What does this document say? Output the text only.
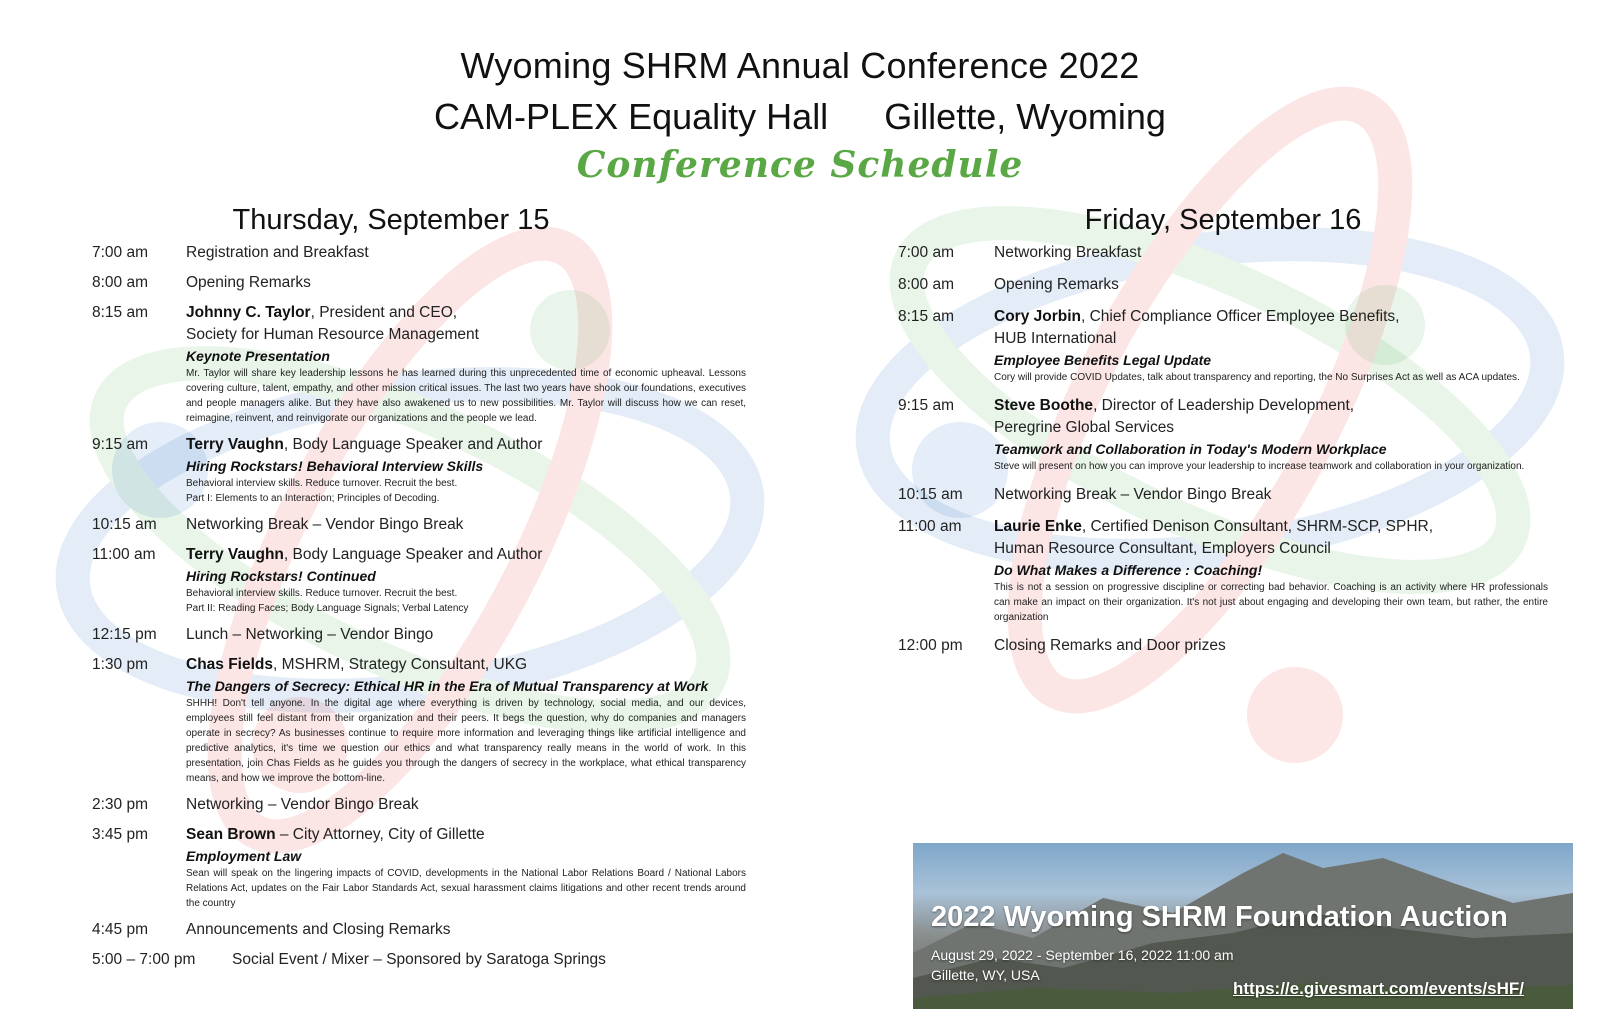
Wyoming SHRM Annual Conference 2022
CAM-PLEX Equality Hall Gillette, Wyoming
Conference Schedule
Thursday, September 15
7:00 am	Registration and Breakfast
8:00 am	Opening Remarks
8:15 am	Johnny C. Taylor, President and CEO,
Society for Human Resource Management
Keynote Presentation
Mr. Taylor will share key leadership lessons he has learned during this unprecedented time of economic upheaval. Lessons covering culture, talent, empathy, and other mission critical issues. The last two years have shook our foundations, executives and people managers alike. But they have also awakened us to new possibilities. Mr. Taylor will discuss how we can reset, reimagine, reinvent, and reinvigorate our organizations and the people we lead.
9:15 am	Terry Vaughn, Body Language Speaker and Author
Hiring Rockstars! Behavioral Interview Skills
Behavioral interview skills. Reduce turnover. Recruit the best.
Part I: Elements to an Interaction; Principles of Decoding.
10:15 am	Networking Break – Vendor Bingo Break
11:00 am	Terry Vaughn, Body Language Speaker and Author
Hiring Rockstars! Continued
Behavioral interview skills. Reduce turnover. Recruit the best.
Part II: Reading Faces; Body Language Signals; Verbal Latency
12:15 pm	Lunch – Networking – Vendor Bingo
1:30 pm	Chas Fields, MSHRM, Strategy Consultant, UKG
The Dangers of Secrecy: Ethical HR in the Era of Mutual Transparency at Work
SHHH! Don't tell anyone. In the digital age where everything is driven by technology, social media, and our devices, employees still feel distant from their organization and their peers. It begs the question, why do companies and managers operate in secrecy? As businesses continue to require more information and leveraging things like artificial intelligence and predictive analytics, it's time we question our ethics and what transparency really means in the world of work. In this presentation, join Chas Fields as he guides you through the dangers of secrecy in the workplace, what ethical transparency means, and how we improve the bottom-line.
2:30 pm	Networking – Vendor Bingo Break
3:45 pm	Sean Brown – City Attorney, City of Gillette
Employment Law
Sean will speak on the lingering impacts of COVID, developments in the National Labor Relations Board / National Labors Relations Act, updates on the Fair Labor Standards Act, sexual harassment claims litigations and other recent trends around the country
4:45 pm	Announcements and Closing Remarks
5:00 – 7:00 pm	Social Event / Mixer – Sponsored by Saratoga Springs
Friday, September 16
7:00 am	Networking Breakfast
8:00 am	Opening Remarks
8:15 am	Cory Jorbin, Chief Compliance Officer Employee Benefits,
HUB International
Employee Benefits Legal Update
Cory will provide COVID Updates, talk about transparency and reporting, the No Surprises Act as well as ACA updates.
9:15 am	Steve Boothe, Director of Leadership Development,
Peregrine Global Services
Teamwork and Collaboration in Today's Modern Workplace
Steve will present on how you can improve your leadership to increase teamwork and collaboration in your organization.
10:15 am	Networking Break – Vendor Bingo Break
11:00 am	Laurie Enke, Certified Denison Consultant, SHRM-SCP, SPHR,
Human Resource Consultant, Employers Council
Do What Makes a Difference : Coaching!
This is not a session on progressive discipline or correcting bad behavior. Coaching is an activity where HR professionals can make an impact on their organization. It's not just about engaging and developing their own team, but rather, the entire organization
12:00 pm	Closing Remarks and Door prizes
2022 Wyoming SHRM Foundation Auction
August 29, 2022 - September 16, 2022 11:00 am
Gillette, WY, USA
https://e.givesmart.com/events/sHF/
